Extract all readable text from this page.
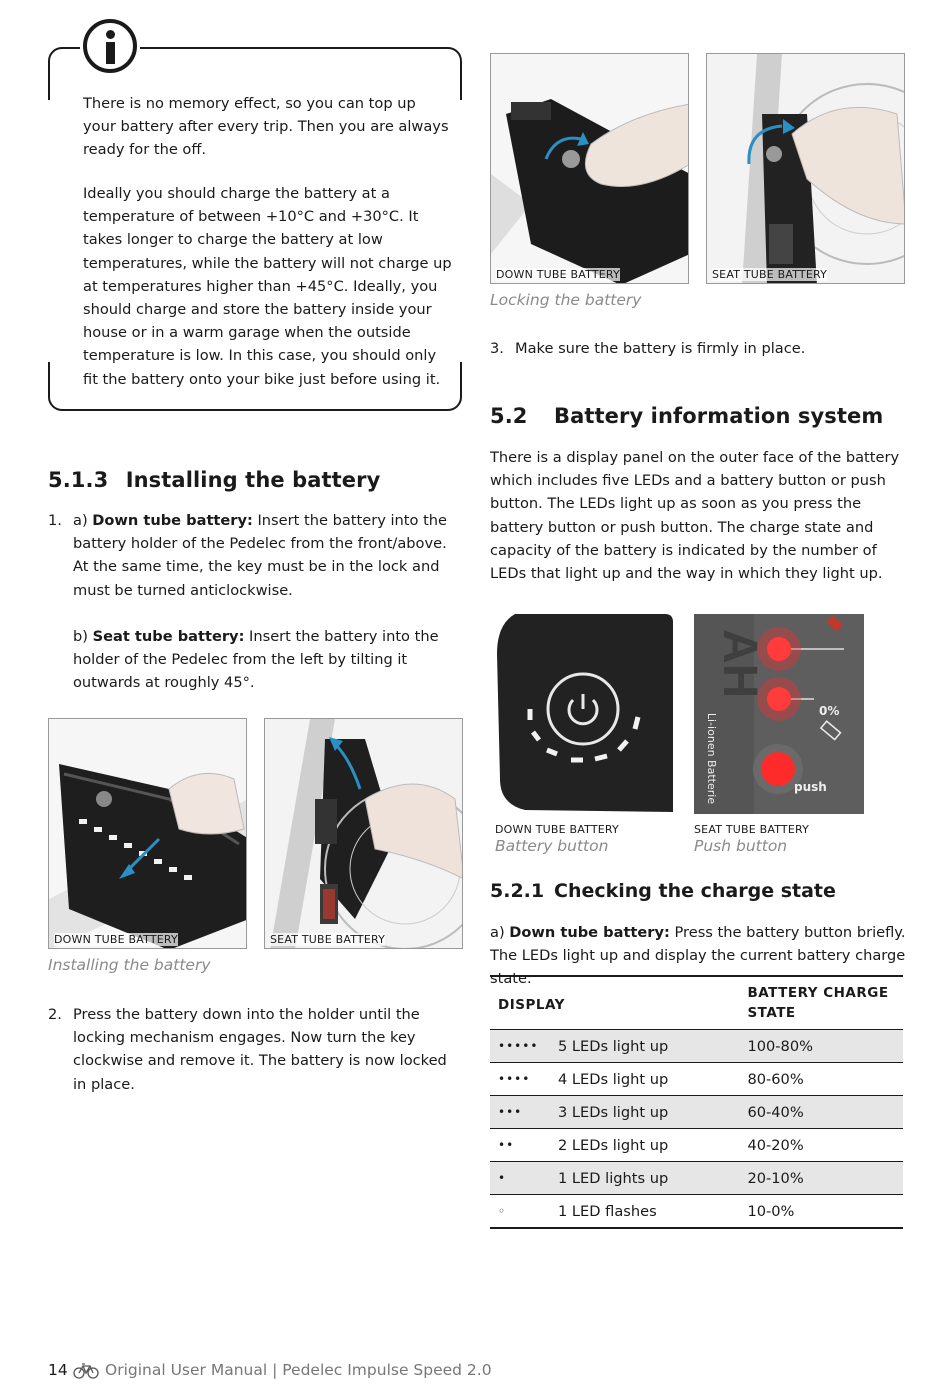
There is no memory effect, so you can top up your battery after every trip. Then you are always ready for the off.

Ideally you should charge the battery at a temperature of between +10°C and +30°C. It takes longer to charge the battery at low temperatures, while the battery will not charge up at temperatures higher than +45°C. Ideally, you should charge and store the battery inside your house or in a warm garage when the outside temperature is low. In this case, you should only fit the battery onto your bike just before using it.

5.1.3 Installing the battery
1. a) Down tube battery: Insert the battery into the battery holder of the Pedelec from the front/above. At the same time, the key must be in the lock and must be turned anticlockwise.

b) Seat tube battery: Insert the battery into the holder of the Pedelec from the left by tilting it outwards at roughly 45°.

DOWN TUBE BATTERY	SEAT TUBE BATTERY
Installing the battery
2. Press the battery down into the holder until the locking mechanism engages. Now turn the key clockwise and remove it. The battery is now locked in place.

DOWN TUBE BATTERY	SEAT TUBE BATTERY
Locking the battery
3. Make sure the battery is firmly in place.

5.2 Battery information system

There is a display panel on the outer face of the battery which includes five LEDs and a battery button or push button. The LEDs light up as soon as you press the battery button or push button. The charge state and capacity of the battery is indicated by the number of LEDs that light up and the way in which they light up.

AH
0%
push
Li-ionen Batterie
DOWN TUBE BATTERY
Battery button
SEAT TUBE BATTERY
Push button
5.2.1 Checking the charge state

a) Down tube battery: Press the battery button briefly. The LEDs light up and display the current battery charge state.

DISPLAY		BATTERY CHARGE
STATE
•••••	5 LEDs light up	100-80%
••••	4 LEDs light up	80-60%
•••	3 LEDs light up	60-40%
••	2 LEDs light up	40-20%
•	1 LED lights up	20-10%
◦	1 LED flashes	10-0%
14 Original User Manual | Pedelec Impulse Speed 2.0
